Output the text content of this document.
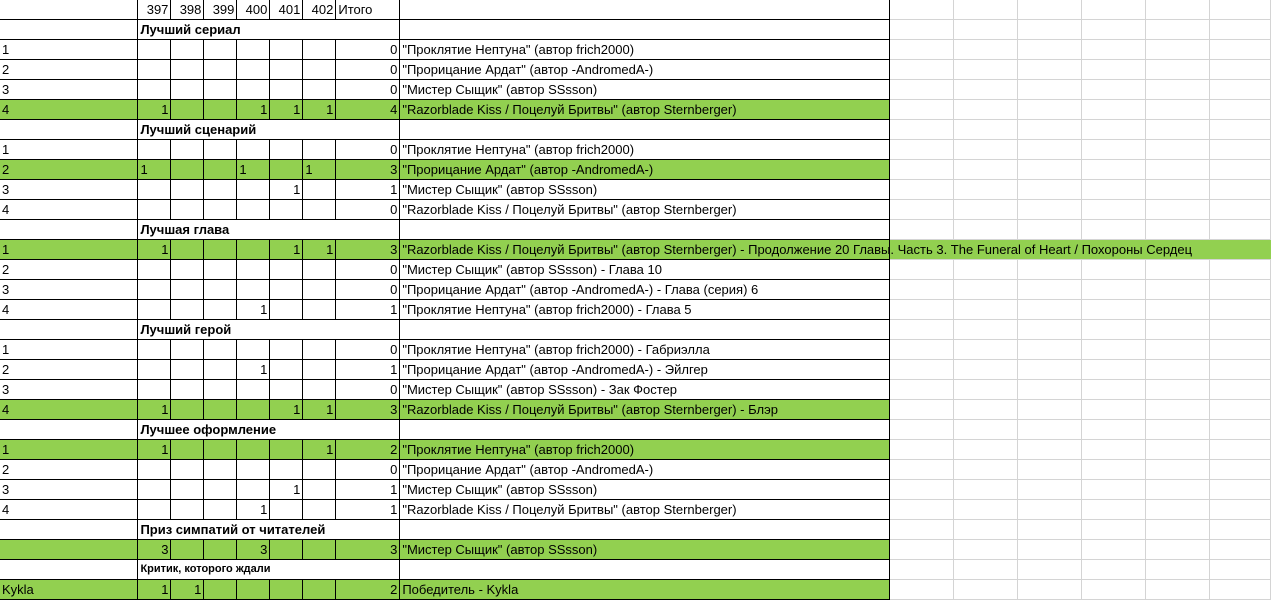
	397	398	399	400	401	402	Итого							
	Лучший сериал													
1							0	"Проклятие Нептуна" (автор frich2000)						

2							0	"Прорицание Ардат" (автор -AndromedA-)						

3							0	"Мистер Сыщик" (автор SSsson)						

4	1			1	1	1	4	"Razorblade Kiss / Поцелуй Бритвы" (автор Sternberger)						

	Лучший сценарий													
1							0	"Проклятие Нептуна" (автор frich2000)						

2	1			1		1	3	"Прорицание Ардат" (автор -AndromedA-)						

3					1		1	"Мистер Сыщик" (автор SSsson)						

4							0	"Razorblade Kiss / Поцелуй Бритвы" (автор Sternberger)						

	Лучшая глава													
1	1				1	1	3	"Razorblade Kiss / Поцелуй Бритвы" (автор Sternberger) - Продолжение 20 Главы. Часть 3. The Funeral of Heart / Похороны Сердец						

2							0	"Мистер Сыщик" (автор SSsson) - Глава 10						

3							0	"Прорицание Ардат" (автор -AndromedA-) - Глава (серия) 6						

4				1			1	"Проклятие Нептуна" (автор frich2000) - Глава 5						

	Лучший герой													
1							0	"Проклятие Нептуна" (автор frich2000) - Габриэлла						

2				1			1	"Прорицание Ардат" (автор -AndromedA-) - Эйлгер						

3							0	"Мистер Сыщик" (автор SSsson) - Зак Фостер						

4	1				1	1	3	"Razorblade Kiss / Поцелуй Бритвы" (автор Sternberger) - Блэр						

	Лучшее оформление													
1	1					1	2	"Проклятие Нептуна" (автор frich2000)						

2							0	"Прорицание Ардат" (автор -AndromedA-)						

3					1		1	"Мистер Сыщик" (автор SSsson)						

4				1			1	"Razorblade Kiss / Поцелуй Бритвы" (автор Sternberger)						

	Приз симпатий от читателей													
	3			3			3	"Мистер Сыщик" (автор SSsson)						

	Критик, которого ждали													
Kykla	1	1					2	Победитель - Kykla						
